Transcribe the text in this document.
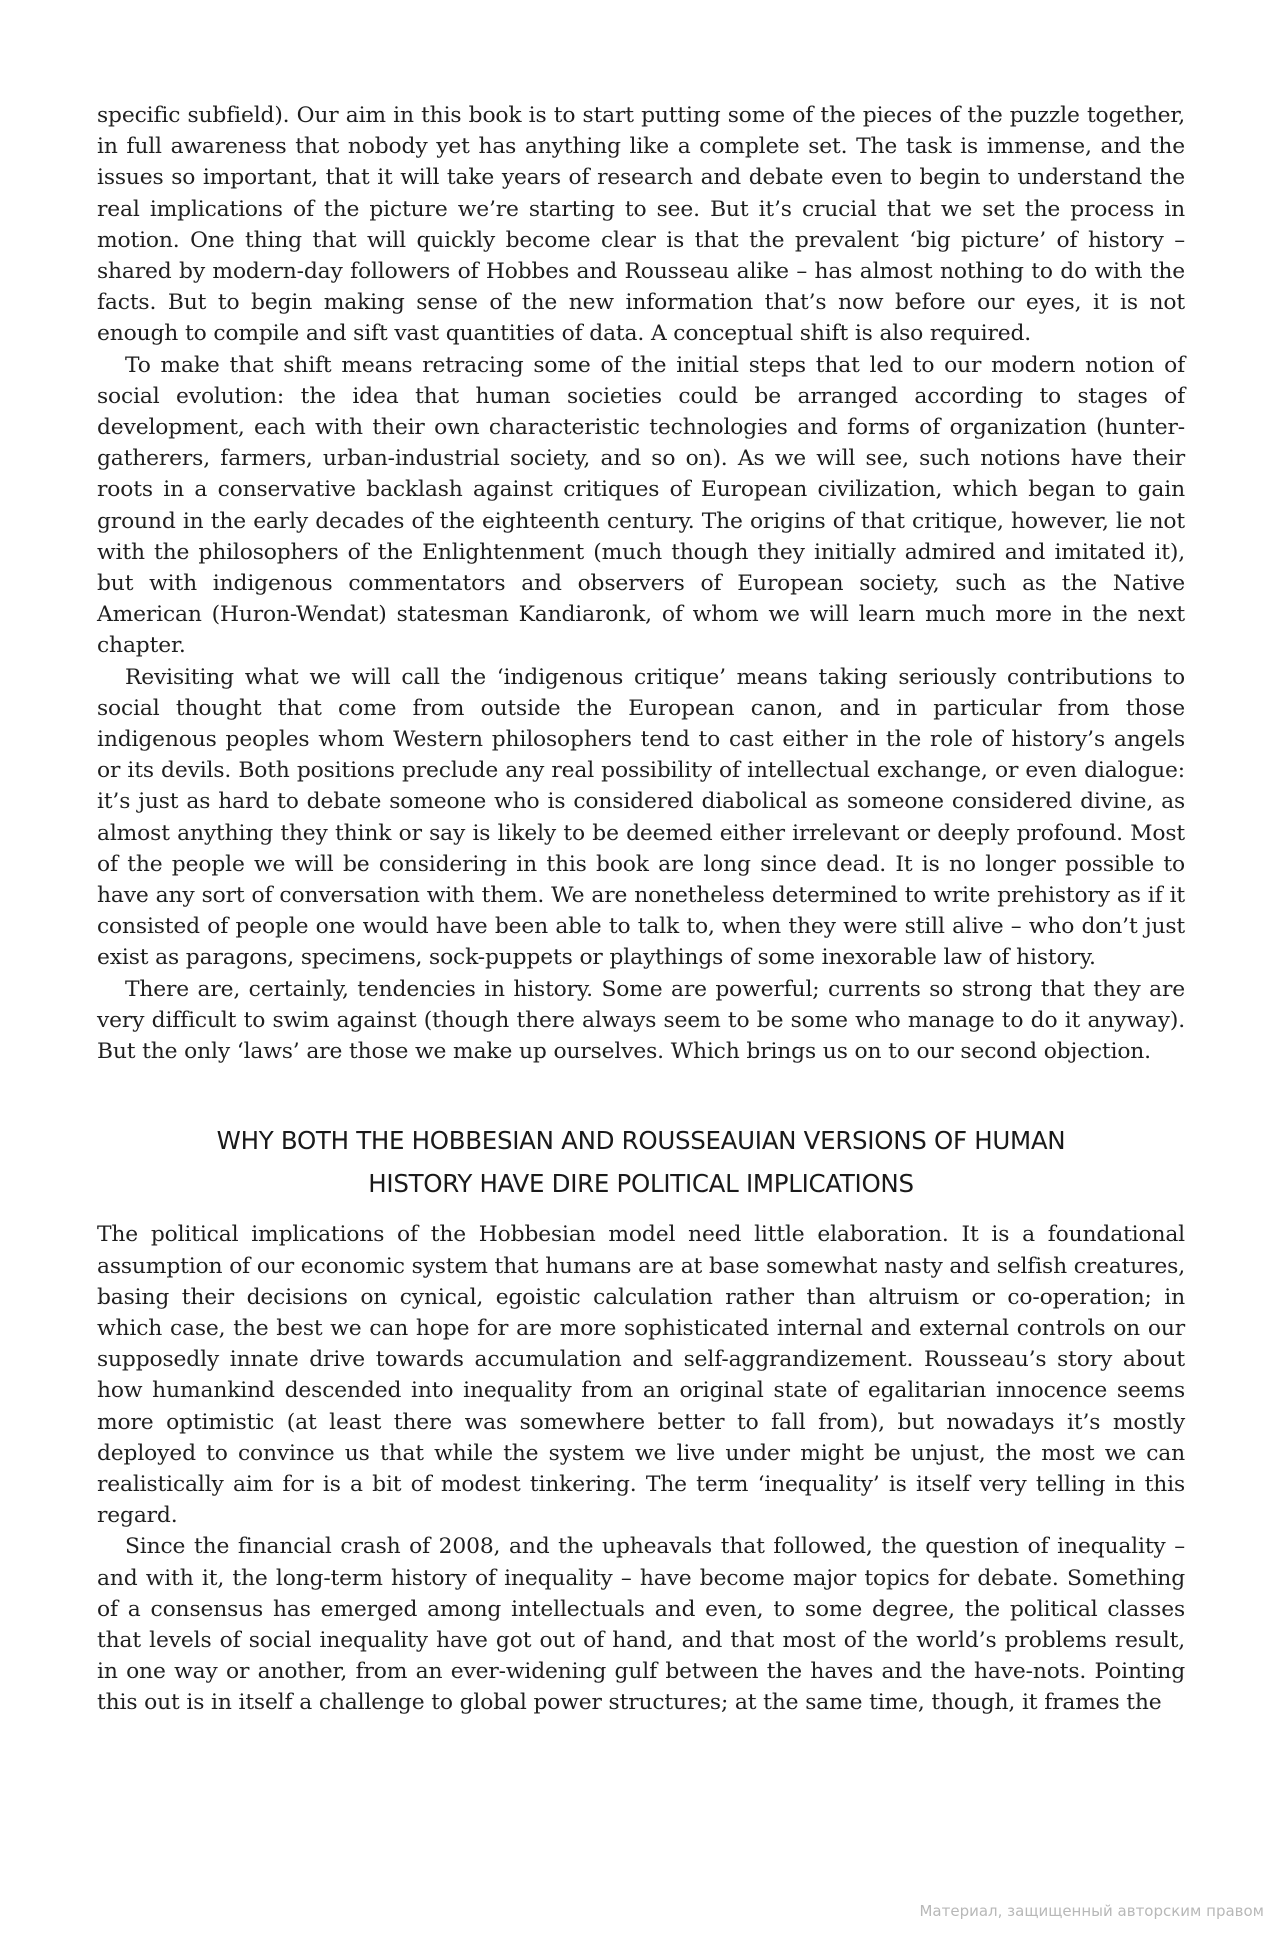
specific subfield). Our aim in this book is to start putting some of the pieces of the puzzle together, in full awareness that nobody yet has anything like a complete set. The task is immense, and the issues so important, that it will take years of research and debate even to begin to understand the real implications of the picture we’re starting to see. But it’s crucial that we set the process in motion. One thing that will quickly become clear is that the prevalent ‘big picture’ of history – shared by modern-day followers of Hobbes and Rousseau alike – has almost nothing to do with the facts. But to begin making sense of the new information that’s now before our eyes, it is not enough to compile and sift vast quantities of data. A conceptual shift is also required.

To make that shift means retracing some of the initial steps that led to our modern notion of social evolution: the idea that human societies could be arranged according to stages of development, each with their own characteristic technologies and forms of organization (hunter-gatherers, farmers, urban-industrial society, and so on). As we will see, such notions have their roots in a conservative backlash against critiques of European civilization, which began to gain ground in the early decades of the eighteenth century. The origins of that critique, however, lie not with the philosophers of the Enlightenment (much though they initially admired and imitated it), but with indigenous commentators and observers of European society, such as the Native American (Huron-Wendat) statesman Kandiaronk, of whom we will learn much more in the next chapter.

Revisiting what we will call the ‘indigenous critique’ means taking seriously contributions to social thought that come from outside the European canon, and in particular from those indigenous peoples whom Western philosophers tend to cast either in the role of history’s angels or its devils. Both positions preclude any real possibility of intellectual exchange, or even dialogue: it’s just as hard to debate someone who is considered diabolical as someone considered divine, as almost anything they think or say is likely to be deemed either irrelevant or deeply profound. Most of the people we will be considering in this book are long since dead. It is no longer possible to have any sort of conversation with them. We are nonetheless determined to write prehistory as if it consisted of people one would have been able to talk to, when they were still alive – who don’t just exist as paragons, specimens, sock-puppets or playthings of some inexorable law of history.

There are, certainly, tendencies in history. Some are powerful; currents so strong that they are very difficult to swim against (though there always seem to be some who manage to do it anyway). But the only ‘laws’ are those we make up ourselves. Which brings us on to our second objection.

WHY BOTH THE HOBBESIAN AND ROUSSEAUIAN VERSIONS OF HUMAN
HISTORY HAVE DIRE POLITICAL IMPLICATIONS

The political implications of the Hobbesian model need little elaboration. It is a foundational assumption of our economic system that humans are at base somewhat nasty and selfish creatures, basing their decisions on cynical, egoistic calculation rather than altruism or co-operation; in which case, the best we can hope for are more sophisticated internal and external controls on our supposedly innate drive towards accumulation and self-aggrandizement. Rousseau’s story about how humankind descended into inequality from an original state of egalitarian innocence seems more optimistic (at least there was somewhere better to fall from), but nowadays it’s mostly deployed to convince us that while the system we live under might be unjust, the most we can realistically aim for is a bit of modest tinkering. The term ‘inequality’ is itself very telling in this regard.

Since the financial crash of 2008, and the upheavals that followed, the question of inequality – and with it, the long-term history of inequality – have become major topics for debate. Something of a consensus has emerged among intellectuals and even, to some degree, the political classes that levels of social inequality have got out of hand, and that most of the world’s problems result, in one way or another, from an ever-widening gulf between the haves and the have-nots. Pointing this out is in itself a challenge to global power structures; at the same time, though, it frames the

Материал, защищенный авторским правом
